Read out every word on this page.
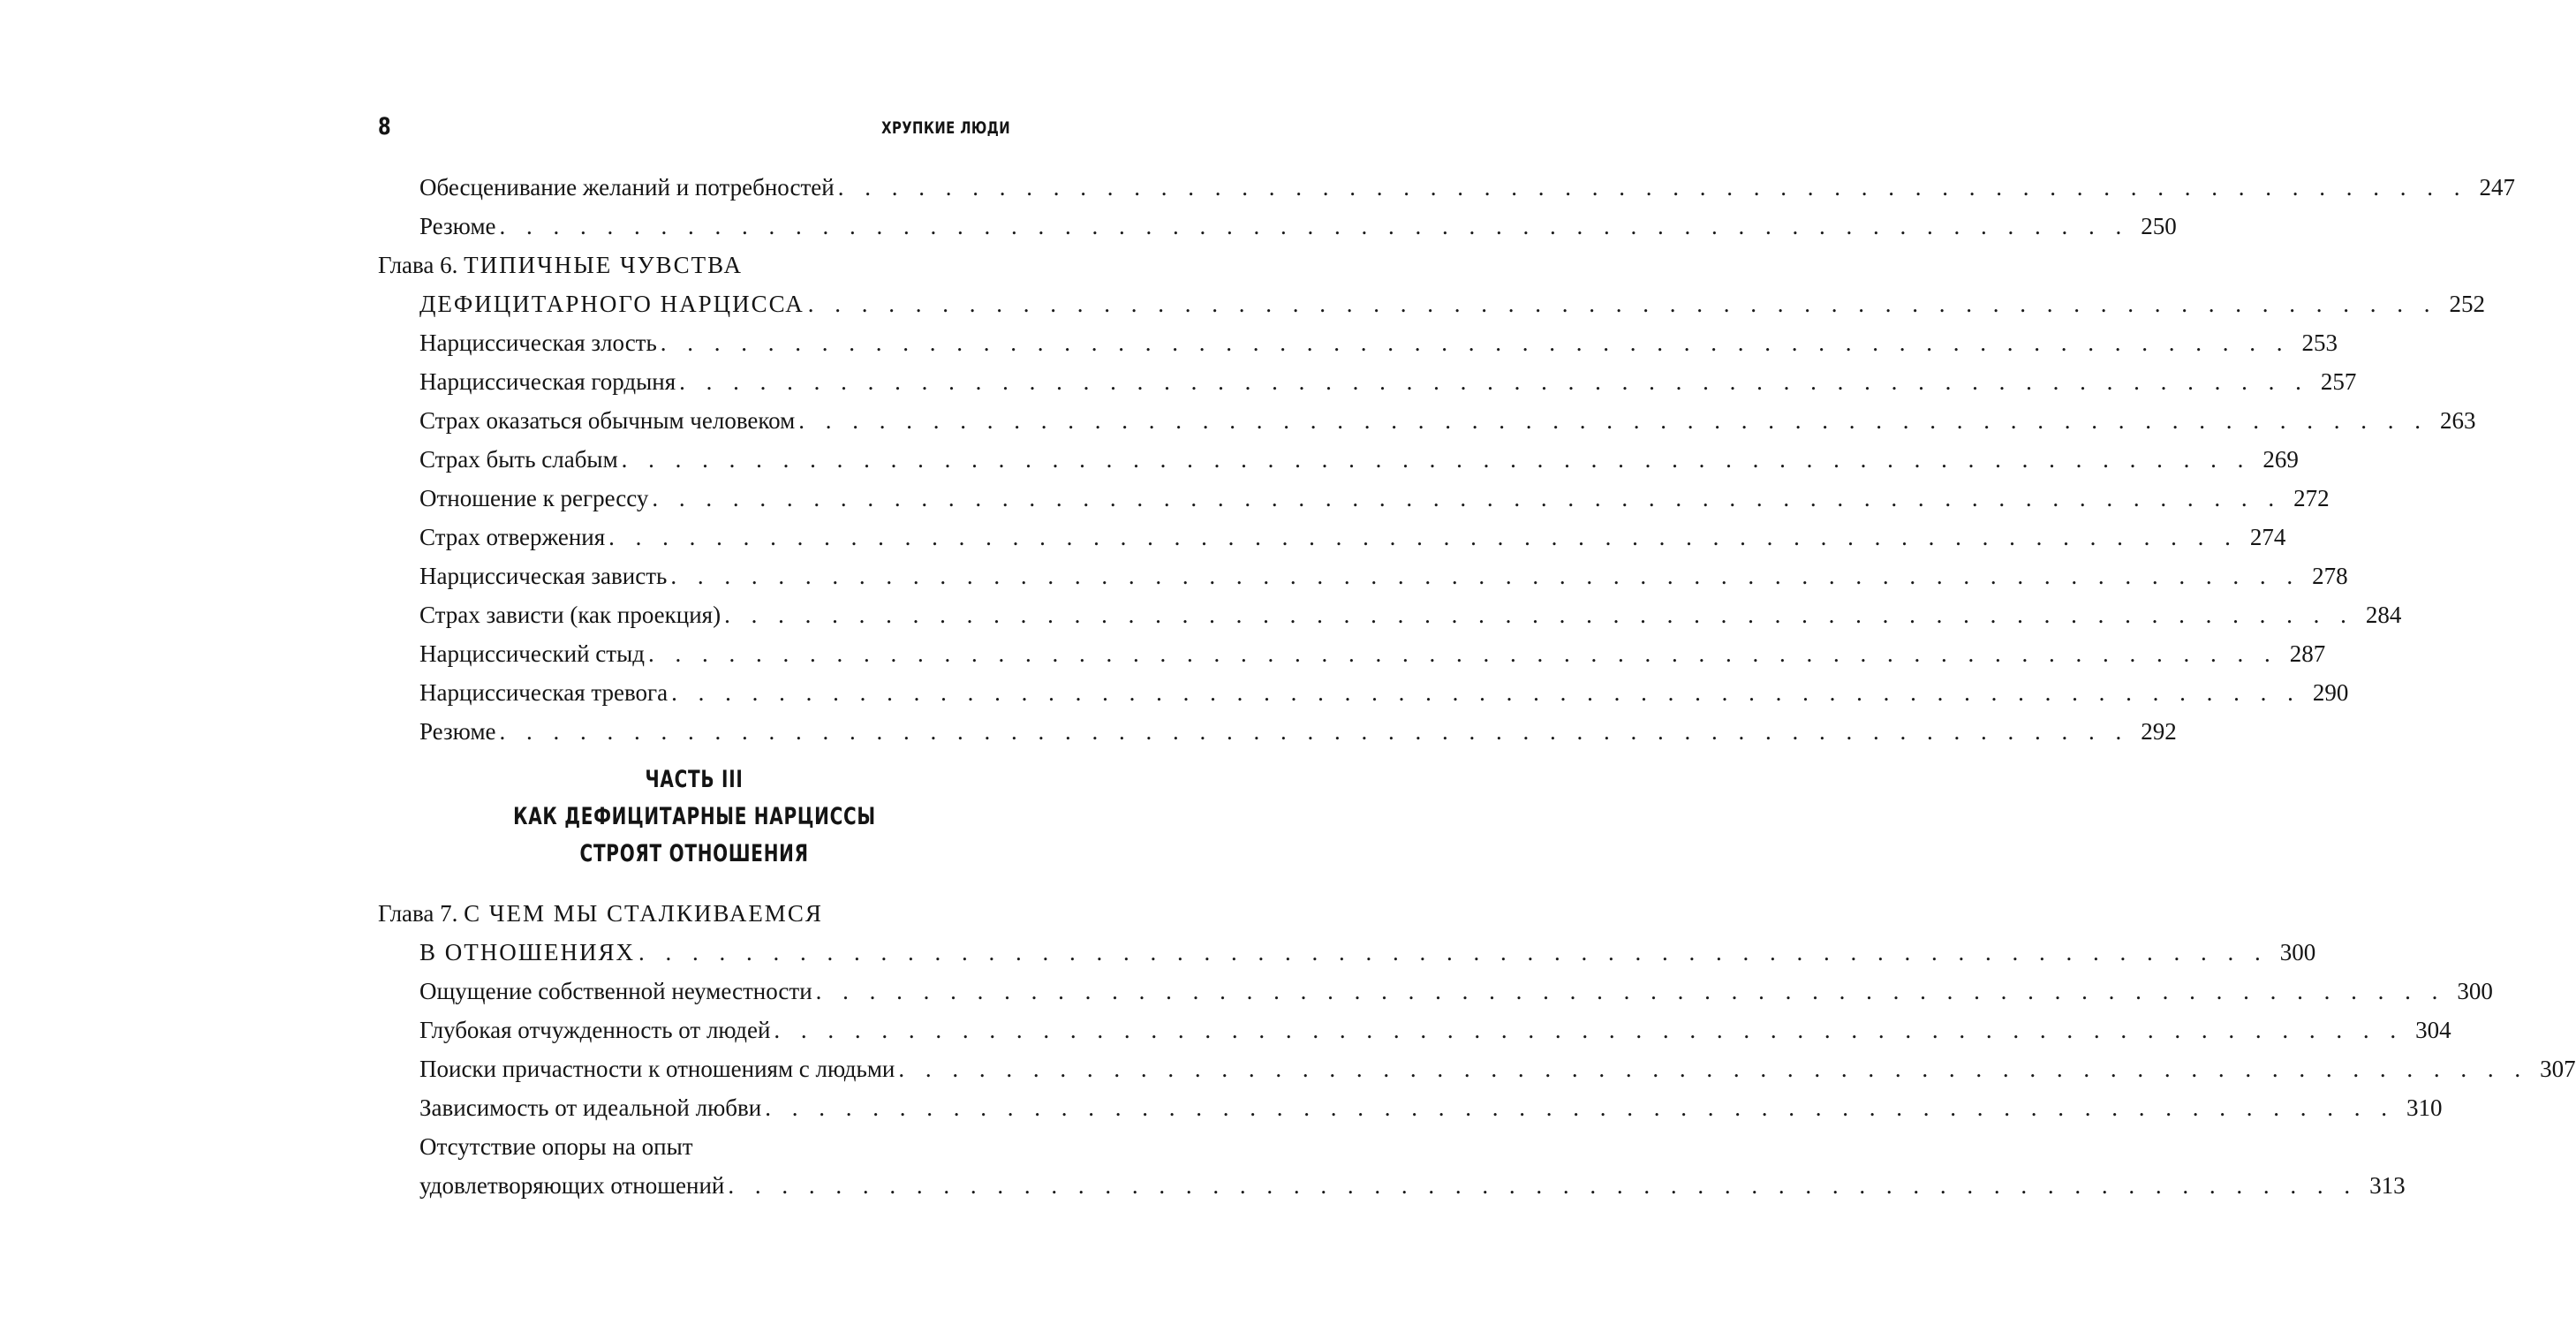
8	ХРУПКИЕ ЛЮДИ
Обесценивание желаний и потребностей . . . . . . . . . . . . . . . . . . . . . . . . . . . . . . . . . . . . . . . . . . . . . . . . . . . . . . . . . . . . . 247
Резюме . . . . . . . . . . . . . . . . . . . . . . . . . . . . . . . . . . . . . . . . . . . . . . . . . . . . . . . . . . . . . 250
Глава 6. ТИПИЧНЫЕ ЧУВСТВА
ДЕФИЦИТАРНОГО НАРЦИССА . . . . . . . . . . . . . . . . . . . . . . . . . . . . . . . . . . . . . . . . . . . . . . . . . . . . . . . . . . . . . 252
Нарциссическая злость . . . . . . . . . . . . . . . . . . . . . . . . . . . . . . . . . . . . . . . . . . . . . . . . . . . . . . . . . . . . . 253
Нарциссическая гордыня . . . . . . . . . . . . . . . . . . . . . . . . . . . . . . . . . . . . . . . . . . . . . . . . . . . . . . . . . . . . . 257
Страх оказаться обычным человеком . . . . . . . . . . . . . . . . . . . . . . . . . . . . . . . . . . . . . . . . . . . . . . . . . . . . . . . . . . . . . 263
Страх быть слабым . . . . . . . . . . . . . . . . . . . . . . . . . . . . . . . . . . . . . . . . . . . . . . . . . . . . . . . . . . . . . 269
Отношение к регрессу . . . . . . . . . . . . . . . . . . . . . . . . . . . . . . . . . . . . . . . . . . . . . . . . . . . . . . . . . . . . . 272
Страх отвержения . . . . . . . . . . . . . . . . . . . . . . . . . . . . . . . . . . . . . . . . . . . . . . . . . . . . . . . . . . . . . 274
Нарциссическая зависть . . . . . . . . . . . . . . . . . . . . . . . . . . . . . . . . . . . . . . . . . . . . . . . . . . . . . . . . . . . . . 278
Страх зависти (как проекция) . . . . . . . . . . . . . . . . . . . . . . . . . . . . . . . . . . . . . . . . . . . . . . . . . . . . . . . . . . . . . 284
Нарциссический стыд . . . . . . . . . . . . . . . . . . . . . . . . . . . . . . . . . . . . . . . . . . . . . . . . . . . . . . . . . . . . . 287
Нарциссическая тревога . . . . . . . . . . . . . . . . . . . . . . . . . . . . . . . . . . . . . . . . . . . . . . . . . . . . . . . . . . . . . 290
Резюме . . . . . . . . . . . . . . . . . . . . . . . . . . . . . . . . . . . . . . . . . . . . . . . . . . . . . . . . . . . . . 292
ЧАСТЬ III
КАК ДЕФИЦИТАРНЫЕ НАРЦИССЫ
СТРОЯТ ОТНОШЕНИЯ
Глава 7. С ЧЕМ МЫ СТАЛКИВАЕМСЯ
В ОТНОШЕНИЯХ . . . . . . . . . . . . . . . . . . . . . . . . . . . . . . . . . . . . . . . . . . . . . . . . . . . . . . . . . . . . . 300
Ощущение собственной неуместности . . . . . . . . . . . . . . . . . . . . . . . . . . . . . . . . . . . . . . . . . . . . . . . . . . . . . . . . . . . . . 300
Глубокая отчужденность от людей . . . . . . . . . . . . . . . . . . . . . . . . . . . . . . . . . . . . . . . . . . . . . . . . . . . . . . . . . . . . . 304
Поиски причастности к отношениям с людьми . . . . . . . . . . . . . . . . . . . . . . . . . . . . . . . . . . . . . . . . . . . . . . . . . . . . . . . . . . . . . 307
Зависимость от идеальной любви . . . . . . . . . . . . . . . . . . . . . . . . . . . . . . . . . . . . . . . . . . . . . . . . . . . . . . . . . . . . . 310
Отсутствие опоры на опыт
удовлетворяющих отношений . . . . . . . . . . . . . . . . . . . . . . . . . . . . . . . . . . . . . . . . . . . . . . . . . . . . . . . . . . . . . 313
